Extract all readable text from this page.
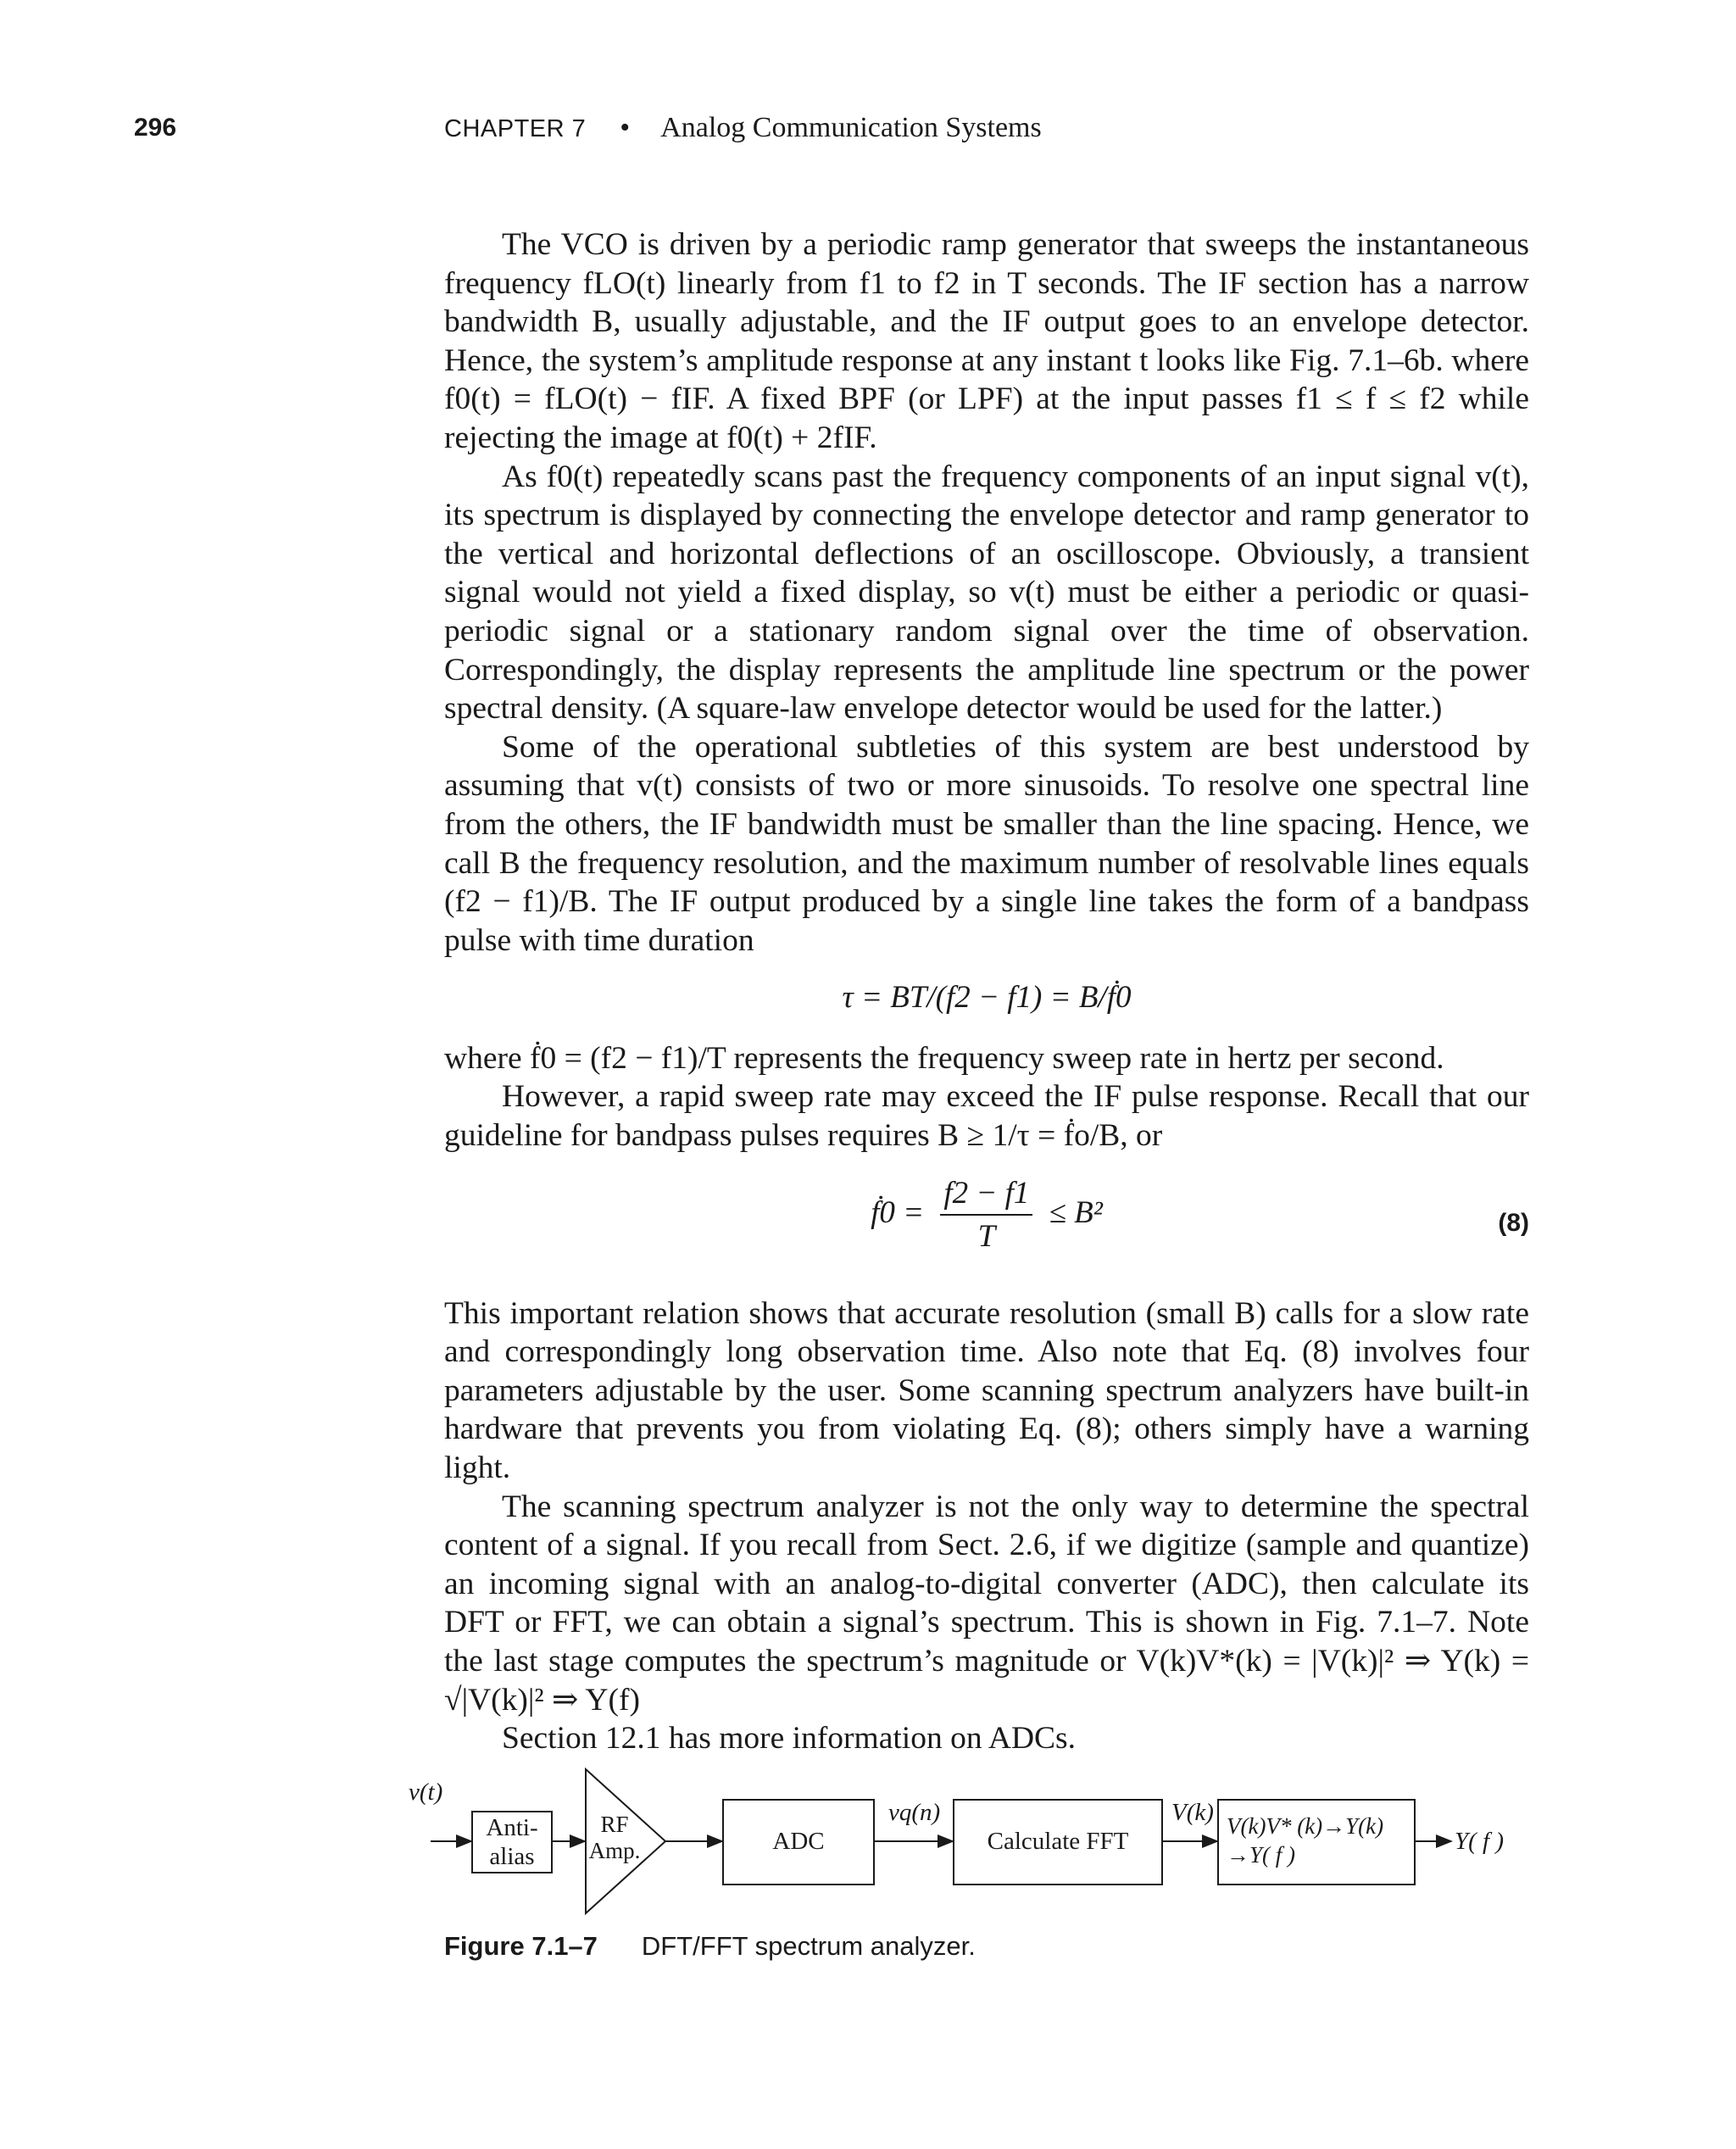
296	CHAPTER 7 • Analog Communication Systems

The VCO is driven by a periodic ramp generator that sweeps the instantaneous frequency fLO(t) linearly from f1 to f2 in T seconds. The IF section has a narrow bandwidth B, usually adjustable, and the IF output goes to an envelope detector. Hence, the system’s amplitude response at any instant t looks like Fig. 7.1–6b. where f0(t) = fLO(t) − fIF. A fixed BPF (or LPF) at the input passes f1 ≤ f ≤ f2 while rejecting the image at f0(t) + 2fIF.

As f0(t) repeatedly scans past the frequency components of an input signal v(t), its spectrum is displayed by connecting the envelope detector and ramp generator to the vertical and horizontal deflections of an oscilloscope. Obviously, a transient signal would not yield a fixed display, so v(t) must be either a periodic or quasi-periodic signal or a stationary random signal over the time of observation. Correspondingly, the display represents the amplitude line spectrum or the power spectral density. (A square-law envelope detector would be used for the latter.)

Some of the operational subtleties of this system are best understood by assuming that v(t) consists of two or more sinusoids. To resolve one spectral line from the others, the IF bandwidth must be smaller than the line spacing. Hence, we call B the frequency resolution, and the maximum number of resolvable lines equals (f2 − f1)/B. The IF output produced by a single line takes the form of a bandpass pulse with time duration

τ = BT/(f2 − f1) = B/ḟ0

where ḟ0 = (f2 − f1)/T represents the frequency sweep rate in hertz per second.

However, a rapid sweep rate may exceed the IF pulse response. Recall that our guideline for bandpass pulses requires B ≥ 1/τ = ḟo/B, or

ḟ0 = $\frac{f2 - f1}{T} \le B^2$	(8)

This important relation shows that accurate resolution (small B) calls for a slow rate and correspondingly long observation time. Also note that Eq. (8) involves four parameters adjustable by the user. Some scanning spectrum analyzers have built-in hardware that prevents you from violating Eq. (8); others simply have a warning light.

The scanning spectrum analyzer is not the only way to determine the spectral content of a signal. If you recall from Sect. 2.6, if we digitize (sample and quantize) an incoming signal with an analog-to-digital converter (ADC), then calculate its DFT or FFT, we can obtain a signal’s spectrum. This is shown in Fig. 7.1–7. Note the last stage computes the spectrum’s magnitude or V(k)V*(k) = |V(k)|² ⇒ Y(k) = √|V(k)|² ⇒ Y(f)

Section 12.1 has more information on ADCs.

v(t)
Anti-
alias
RF
Amp.	ADC	Calculate FFT
V(k)V* (k)→Y(k)
→Y( f )
vq(n)	V(k)
Y( f )
Figure 7.1–7 DFT/FFT spectrum analyzer.
